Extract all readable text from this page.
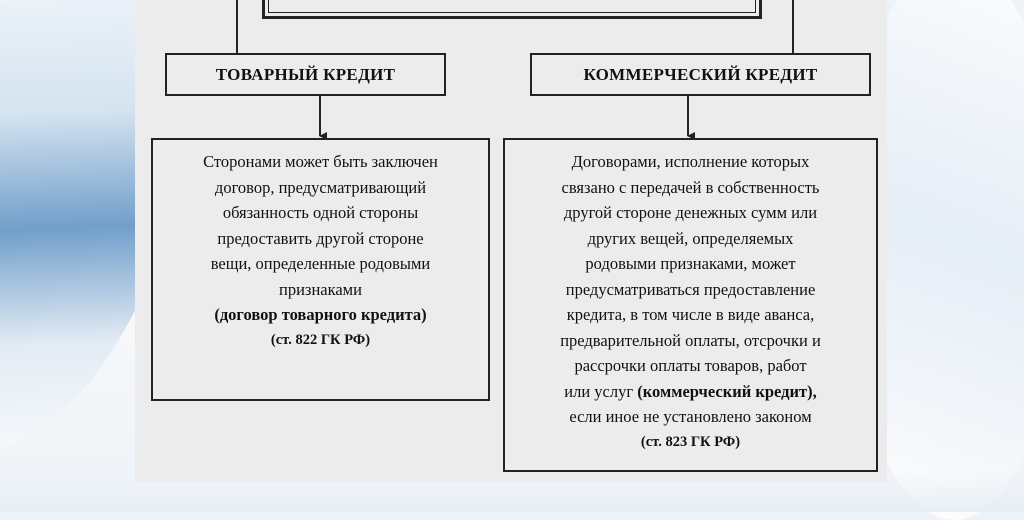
ТОВАРНЫЙ КРЕДИТ	КОММЕРЧЕСКИЙ КРЕДИТ
Сторонами может быть заключен
договор, предусматривающий
обязанность одной стороны
предоставить другой стороне
вещи, определенные родовыми
признаками
(договор товарного кредита)
(ст. 822 ГК РФ)
Договорами, исполнение которых
связано с передачей в собственность
другой стороне денежных сумм или
других вещей, определяемых
родовыми признаками, может
предусматриваться предоставление
кредита, в том числе в виде аванса,
предварительной оплаты, отсрочки и
рассрочки оплаты товаров, работ
или услуг (коммерческий кредит),
если иное не установлено законом
(ст. 823 ГК РФ)
